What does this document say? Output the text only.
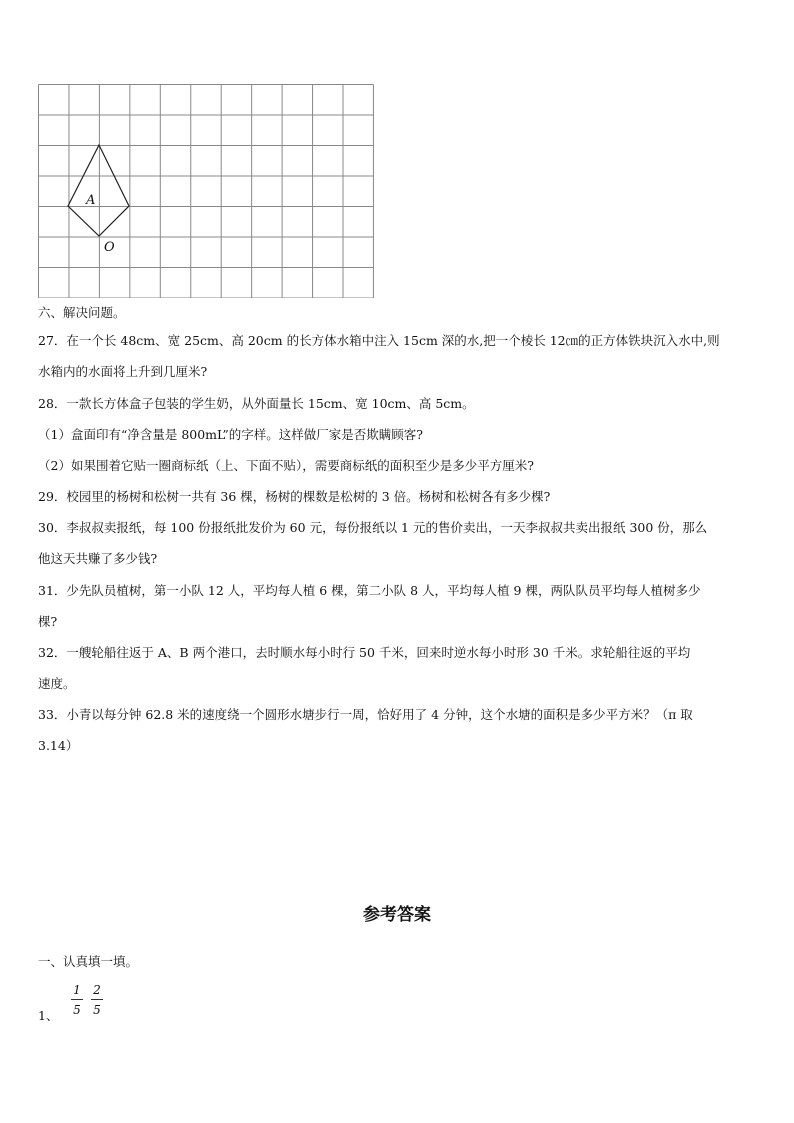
A
O
六、解决问题。
27．在一个长 48cm、宽 25cm、高 20cm 的长方体水箱中注入 15cm 深的水,把一个棱长 12㎝的正方体铁块沉入水中,则
水箱内的水面将上升到几厘米?
28．一款长方体盒子包装的学生奶，从外面量长 15cm、宽 10cm、高 5cm。
（1）盒面印有“净含量是 800mL”的字样。这样做厂家是否欺瞒顾客?
（2）如果围着它贴一圈商标纸（上、下面不贴），需要商标纸的面积至少是多少平方厘米?
29．校园里的杨树和松树一共有 36 棵，杨树的棵数是松树的 3 倍。杨树和松树各有多少棵?
30．李叔叔卖报纸，每 100 份报纸批发价为 60 元，每份报纸以 1 元的售价卖出，一天李叔叔共卖出报纸 300 份，那么
他这天共赚了多少钱?
31．少先队员植树，第一小队 12 人，平均每人植 6 棵，第二小队 8 人，平均每人植 9 棵，两队队员平均每人植树多少
棵?
32．一艘轮船往返于 A、B 两个港口，去时顺水每小时行 50 千米，回来时逆水每小时形 30 千米。求轮船往返的平均
速度。
33．小青以每分钟 62.8 米的速度绕一个圆形水塘步行一周，恰好用了 4 分钟，这个水塘的面积是多少平方米？（π 取
3.14）
参考答案
一、认真填一填。
1、
1
5
2
5
